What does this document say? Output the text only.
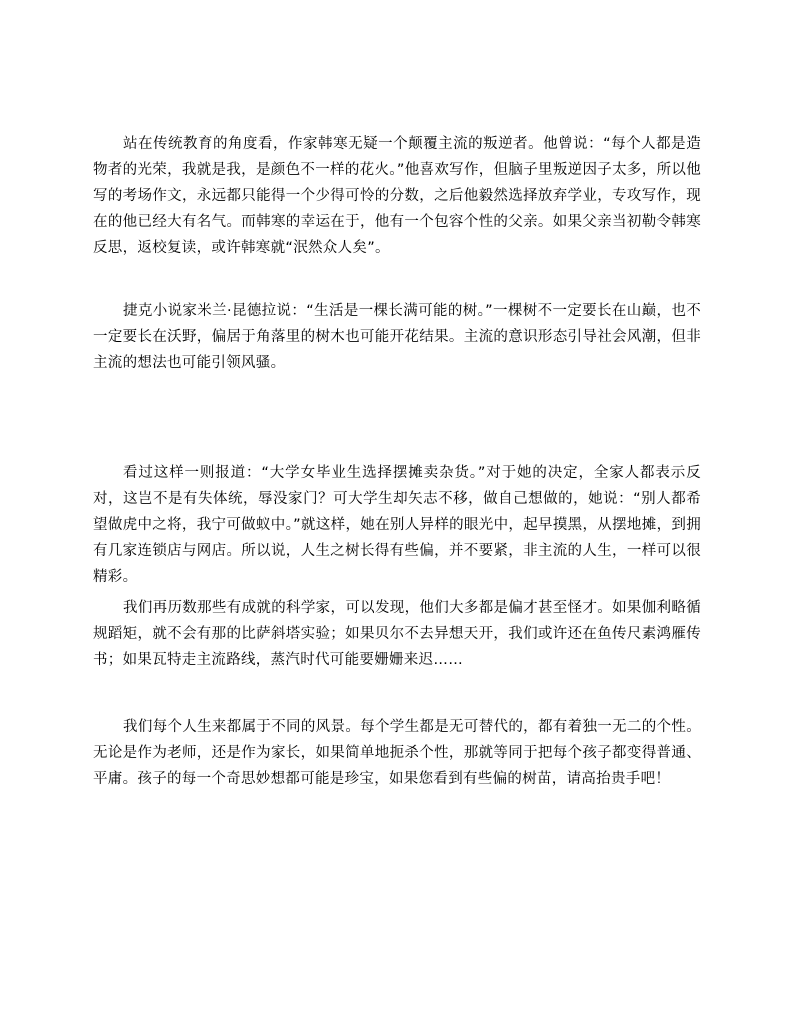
站在传统教育的角度看，作家韩寒无疑一个颠覆主流的叛逆者。他曾说：“每个人都是造物者的光荣，我就是我，是颜色不一样的花火。”他喜欢写作，但脑子里叛逆因子太多，所以他写的考场作文，永远都只能得一个少得可怜的分数，之后他毅然选择放弃学业，专攻写作，现在的他已经大有名气。而韩寒的幸运在于，他有一个包容个性的父亲。如果父亲当初勒令韩寒反思，返校复读，或许韩寒就“泯然众人矣”。

捷克小说家米兰·昆德拉说：“生活是一棵长满可能的树。”一棵树不一定要长在山巅，也不一定要长在沃野，偏居于角落里的树木也可能开花结果。主流的意识形态引导社会风潮，但非主流的想法也可能引领风骚。

看过这样一则报道：“大学女毕业生选择摆摊卖杂货。”对于她的决定，全家人都表示反对，这岂不是有失体统，辱没家门？可大学生却矢志不移，做自己想做的，她说：“别人都希望做虎中之将，我宁可做蚁中。”就这样，她在别人异样的眼光中，起早摸黑，从摆地摊，到拥有几家连锁店与网店。所以说，人生之树长得有些偏，并不要紧，非主流的人生，一样可以很精彩。

我们再历数那些有成就的科学家，可以发现，他们大多都是偏才甚至怪才。如果伽利略循规蹈矩，就不会有那的比萨斜塔实验；如果贝尔不去异想天开，我们或许还在鱼传尺素鸿雁传书；如果瓦特走主流路线，蒸汽时代可能要姗姗来迟……

我们每个人生来都属于不同的风景。每个学生都是无可替代的，都有着独一无二的个性。无论是作为老师，还是作为家长，如果简单地扼杀个性，那就等同于把每个孩子都变得普通、平庸。孩子的每一个奇思妙想都可能是珍宝，如果您看到有些偏的树苗，请高抬贵手吧！
